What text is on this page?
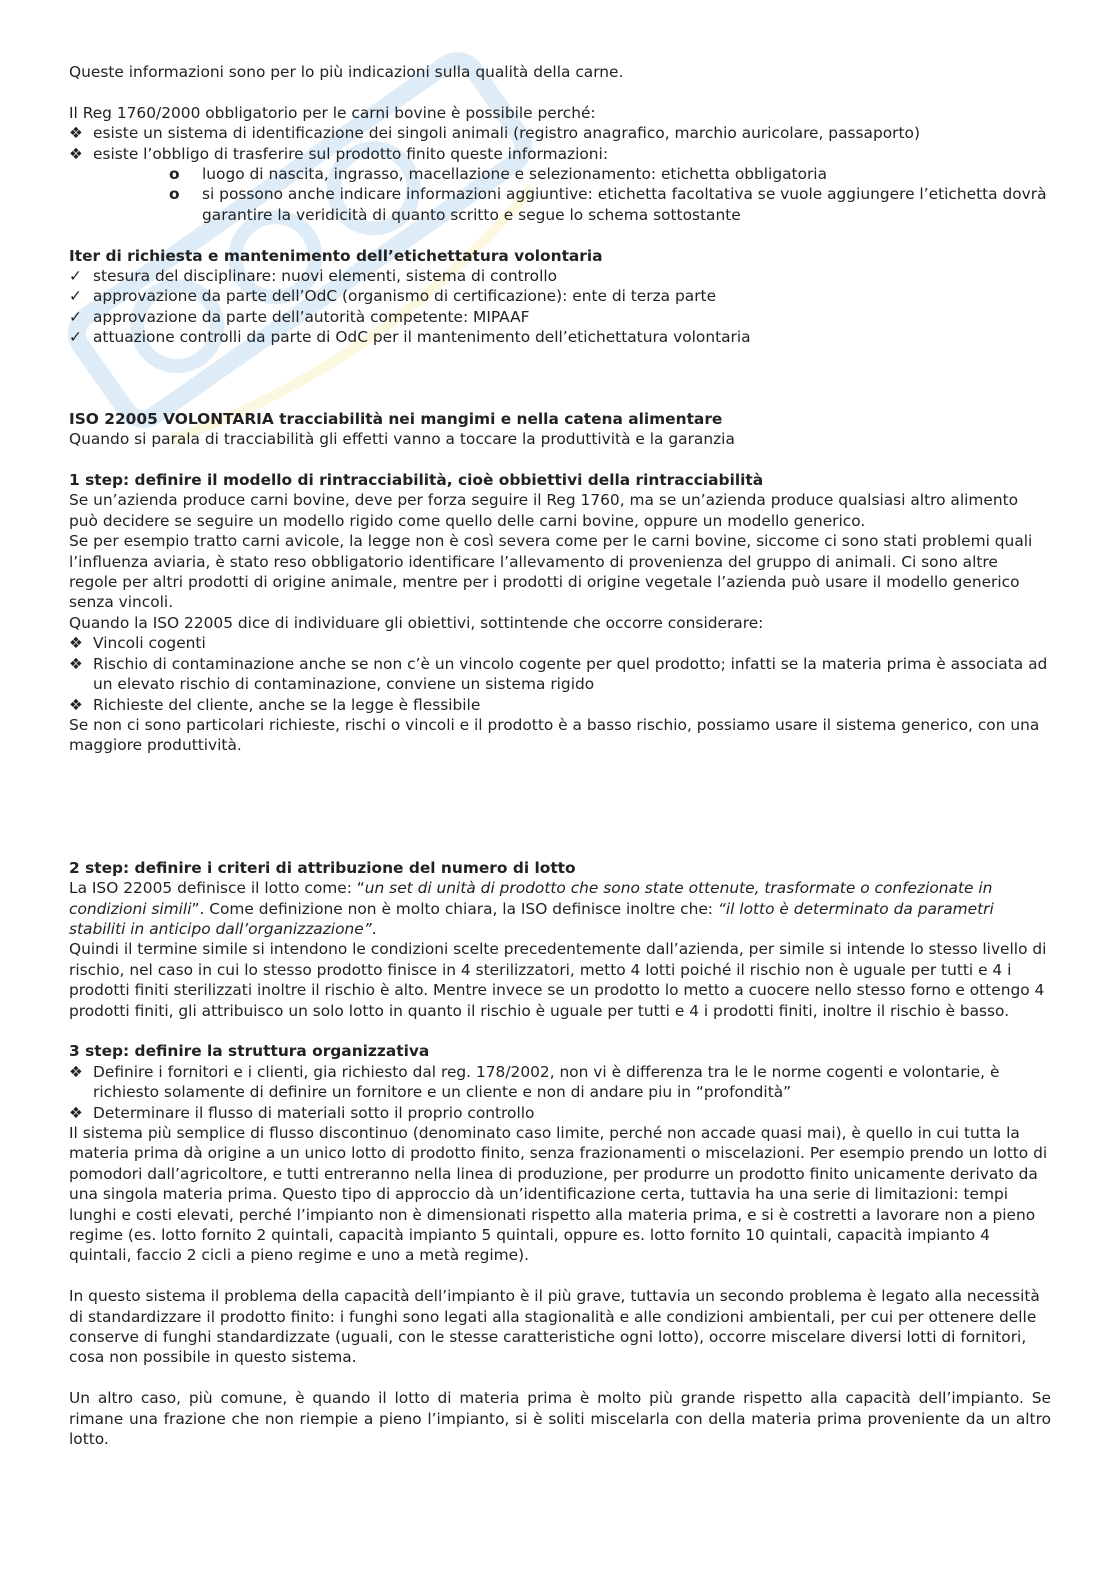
Queste informazioni sono per lo più indicazioni sulla qualità della carne.

Il Reg 1760/2000 obbligatorio per le carni bovine è possibile perché:

❖ esiste un sistema di identificazione dei singoli animali (registro anagrafico, marchio auricolare, passaporto)
❖ esiste l’obbligo di trasferire sul prodotto finito queste informazioni:
o luogo di nascita, ingrasso, macellazione e selezionamento: etichetta obbligatoria
o si possono anche indicare informazioni aggiuntive: etichetta facoltativa se vuole aggiungere l’etichetta dovrà garantire la veridicità di quanto scritto e segue lo schema sottostante

Iter di richiesta e mantenimento dell’etichettatura volontaria

✓ stesura del disciplinare: nuovi elementi, sistema di controllo
✓ approvazione da parte dell’OdC (organismo di certificazione): ente di terza parte
✓ approvazione da parte dell’autorità competente: MIPAAF
✓ attuazione controlli da parte di OdC per il mantenimento dell’etichettatura volontaria

ISO 22005 VOLONTARIA tracciabilità nei mangimi e nella catena alimentare

Quando si parala di tracciabilità gli effetti vanno a toccare la produttività e la garanzia

1 step: definire il modello di rintracciabilità, cioè obbiettivi della rintracciabilità

Se un’azienda produce carni bovine, deve per forza seguire il Reg 1760, ma se un’azienda produce qualsiasi altro alimento può decidere se seguire un modello rigido come quello delle carni bovine, oppure un modello generico.

Se per esempio tratto carni avicole, la legge non è così severa come per le carni bovine, siccome ci sono stati problemi quali l’influenza aviaria, è stato reso obbligatorio identificare l’allevamento di provenienza del gruppo di animali. Ci sono altre regole per altri prodotti di origine animale, mentre per i prodotti di origine vegetale l’azienda può usare il modello generico senza vincoli.

Quando la ISO 22005 dice di individuare gli obiettivi, sottintende che occorre considerare:

❖ Vincoli cogenti
❖ Rischio di contaminazione anche se non c’è un vincolo cogente per quel prodotto; infatti se la materia prima è associata ad un elevato rischio di contaminazione, conviene un sistema rigido
❖ Richieste del cliente, anche se la legge è flessibile

Se non ci sono particolari richieste, rischi o vincoli e il prodotto è a basso rischio, possiamo usare il sistema generico, con una maggiore produttività.

2 step: definire i criteri di attribuzione del numero di lotto

La ISO 22005 definisce il lotto come: “un set di unità di prodotto che sono state ottenute, trasformate o confezionate in condizioni simili”. Come definizione non è molto chiara, la ISO definisce inoltre che: “il lotto è determinato da parametri stabiliti in anticipo dall’organizzazione”.

Quindi il termine simile si intendono le condizioni scelte precedentemente dall’azienda, per simile si intende lo stesso livello di rischio, nel caso in cui lo stesso prodotto finisce in 4 sterilizzatori, metto 4 lotti poiché il rischio non è uguale per tutti e 4 i prodotti finiti sterilizzati inoltre il rischio è alto. Mentre invece se un prodotto lo metto a cuocere nello stesso forno e ottengo 4 prodotti finiti, gli attribuisco un solo lotto in quanto il rischio è uguale per tutti e 4 i prodotti finiti, inoltre il rischio è basso.

3 step: definire la struttura organizzativa

❖ Definire i fornitori e i clienti, gia richiesto dal reg. 178/2002, non vi è differenza tra le le norme cogenti e volontarie, è richiesto solamente di definire un fornitore e un cliente e non di andare piu in “profondità”
❖ Determinare il flusso di materiali sotto il proprio controllo

Il sistema più semplice di flusso discontinuo (denominato caso limite, perché non accade quasi mai), è quello in cui tutta la materia prima dà origine a un unico lotto di prodotto finito, senza frazionamenti o miscelazioni. Per esempio prendo un lotto di pomodori dall’agricoltore, e tutti entreranno nella linea di produzione, per produrre un prodotto finito unicamente derivato da una singola materia prima. Questo tipo di approccio dà un’identificazione certa, tuttavia ha una serie di limitazioni: tempi lunghi e costi elevati, perché l’impianto non è dimensionati rispetto alla materia prima, e si è costretti a lavorare non a pieno regime (es. lotto fornito 2 quintali, capacità impianto 5 quintali, oppure es. lotto fornito 10 quintali, capacità impianto 4 quintali, faccio 2 cicli a pieno regime e uno a metà regime).

In questo sistema il problema della capacità dell’impianto è il più grave, tuttavia un secondo problema è legato alla necessità di standardizzare il prodotto finito: i funghi sono legati alla stagionalità e alle condizioni ambientali, per cui per ottenere delle conserve di funghi standardizzate (uguali, con le stesse caratteristiche ogni lotto), occorre miscelare diversi lotti di fornitori, cosa non possibile in questo sistema.

Un altro caso, più comune, è quando il lotto di materia prima è molto più grande rispetto alla capacità dell’impianto. Se rimane una frazione che non riempie a pieno l’impianto, si è soliti miscelarla con della materia prima proveniente da un altro lotto.
